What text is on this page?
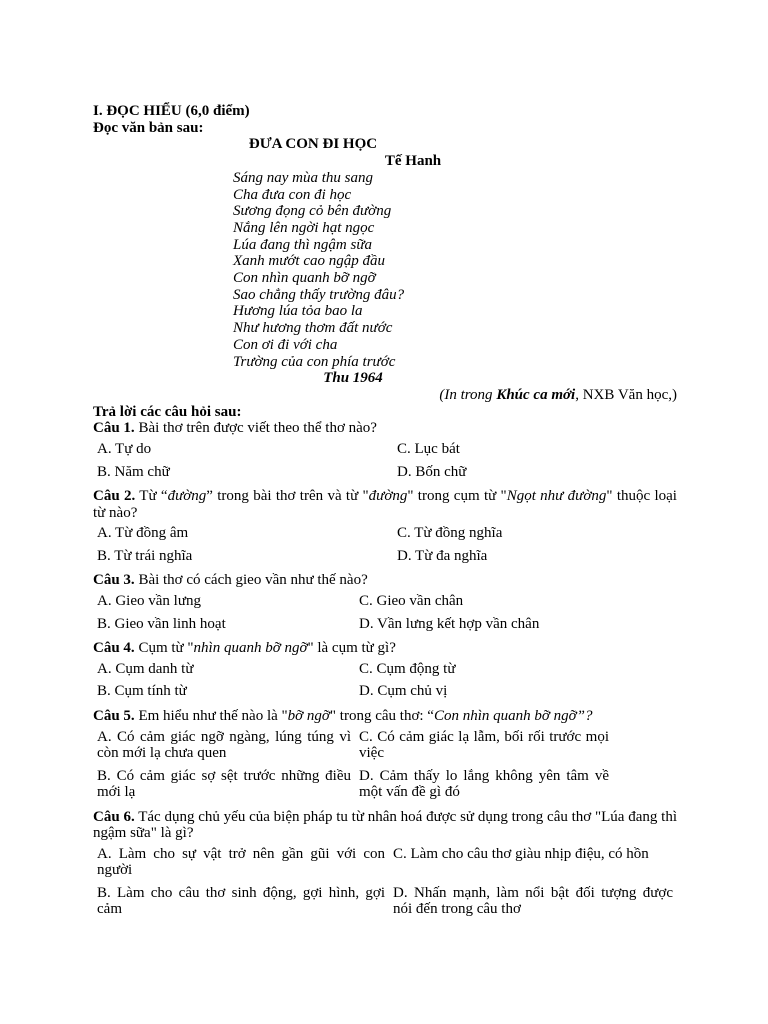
I. ĐỌC HIỂU (6,0 điểm)
Đọc văn bản sau:
ĐƯA CON ĐI HỌC
Tế Hanh
Sáng nay mùa thu sang
Cha đưa con đi học
Sương đọng cỏ bên đường
Nắng lên ngời hạt ngọc
Lúa đang thì ngậm sữa
Xanh mướt cao ngập đầu
Con nhìn quanh bỡ ngỡ
Sao chẳng thấy trường đâu?
Hương lúa tỏa bao la
Như hương thơm đất nước
Con ơi đi với cha
Trường của con phía trước
Thu 1964
(In trong Khúc ca mới, NXB Văn học,)
Trả lời các câu hỏi sau:
Câu 1. Bài thơ trên được viết theo thể thơ nào?
A. Tự do	C. Lục bát
B. Năm chữ	D. Bốn chữ
Câu 2. Từ “đường” trong bài thơ trên và từ "đường" trong cụm từ "Ngọt như đường" thuộc loại từ nào?
A. Từ đồng âm	C. Từ đồng nghĩa
B. Từ trái nghĩa	D. Từ đa nghĩa
Câu 3. Bài thơ có cách gieo vần như thế nào?
A. Gieo vần lưng	C. Gieo vần chân
B. Gieo vần linh hoạt	D. Vần lưng kết hợp vần chân
Câu 4. Cụm từ "nhìn quanh bỡ ngỡ" là cụm từ gì?
A. Cụm danh từ	C. Cụm động từ
B. Cụm tính từ	D. Cụm chủ vị
Câu 5. Em hiểu như thế nào là "bỡ ngỡ" trong câu thơ: “Con nhìn quanh bỡ ngỡ”?
A. Có cảm giác ngỡ ngàng, lúng túng vì còn mới lạ chưa quen	C. Có cảm giác lạ lẫm, bối rối trước mọi việc
B. Có cảm giác sợ sệt trước những điều mới lạ	D. Cảm thấy lo lắng không yên tâm về một vấn đề gì đó
Câu 6. Tác dụng chủ yếu của biện pháp tu từ nhân hoá được sử dụng trong câu thơ "Lúa đang thì ngậm sữa" là gì?
A. Làm cho sự vật trở nên gần gũi với con người	C. Làm cho câu thơ giàu nhịp điệu, có hồn
B. Làm cho câu thơ sinh động, gợi hình, gợi cảm	D. Nhấn mạnh, làm nổi bật đối tượng được nói đến trong câu thơ
